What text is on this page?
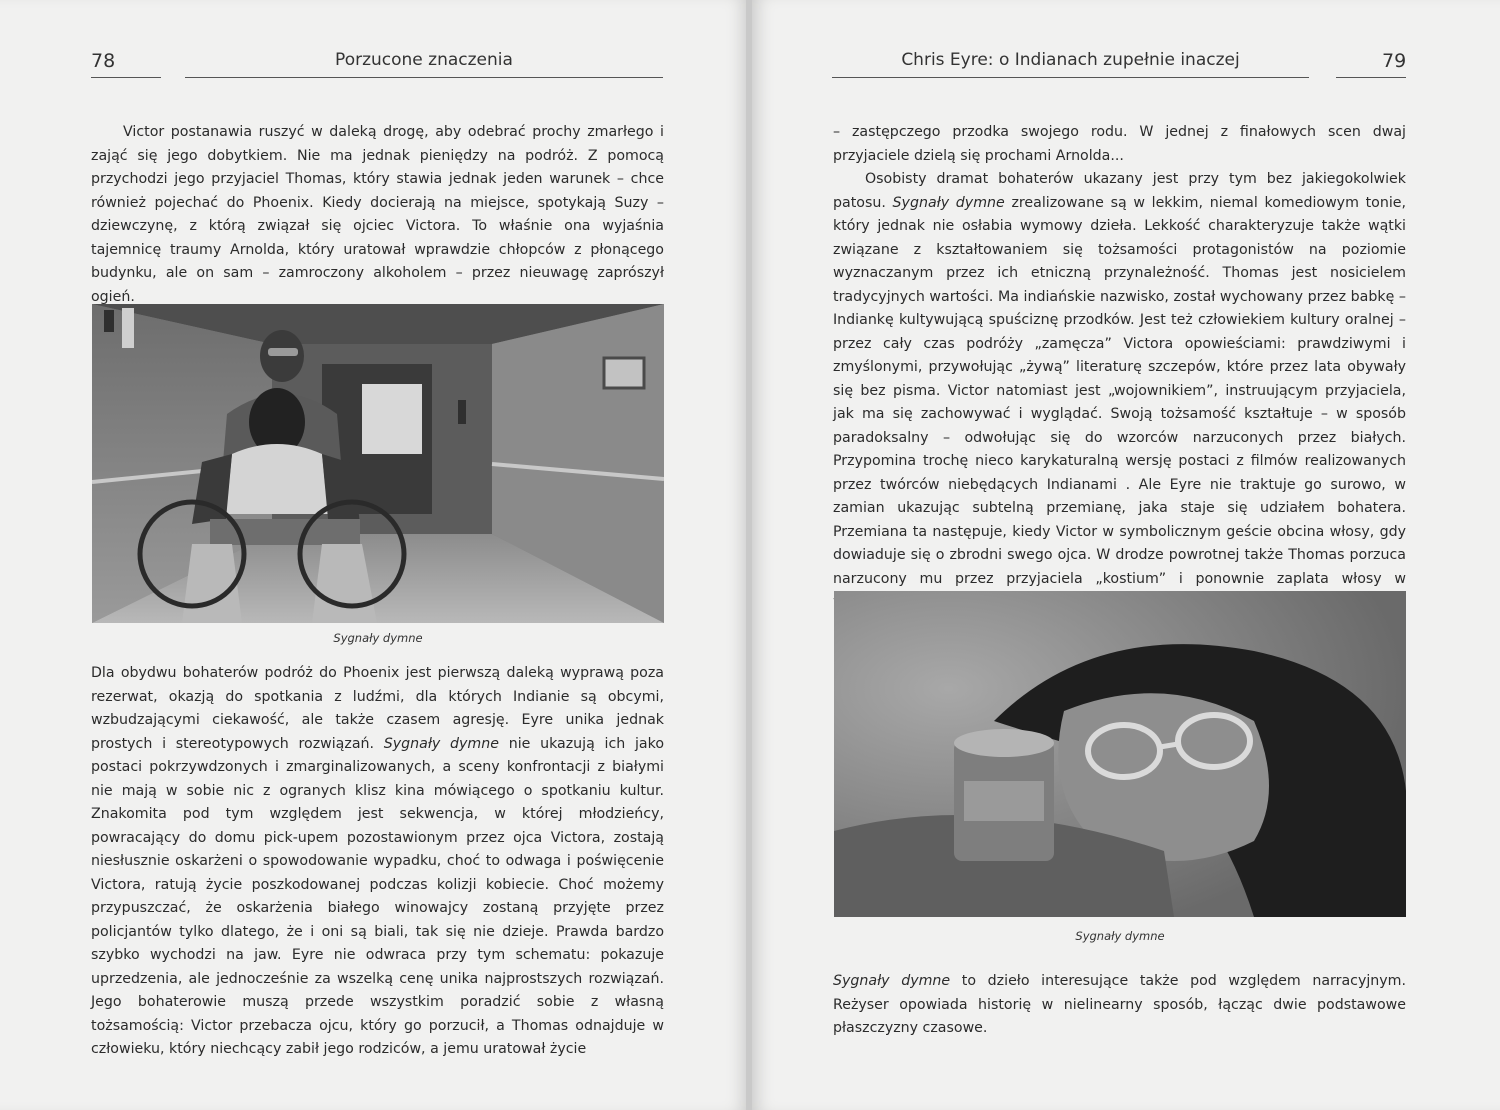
78	Porzucone znaczenia

Victor postanawia ruszyć w daleką drogę, aby odebrać prochy zmarłego i zająć się jego dobytkiem. Nie ma jednak pieniędzy na podróż. Z pomocą przychodzi jego przyjaciel Thomas, który stawia jednak jeden warunek – chce również pojechać do Phoenix. Kiedy docierają na miejsce, spotykają Suzy – dziewczynę, z którą związał się ojciec Victora. To właśnie ona wyjaśnia tajemnicę traumy Arnolda, który uratował wprawdzie chłopców z płonącego budynku, ale on sam – zamroczony alkoholem – przez nieuwagę zaprószył ogień.

Sygnały dymne

Dla obydwu bohaterów podróż do Phoenix jest pierwszą daleką wyprawą poza rezerwat, okazją do spotkania z ludźmi, dla których Indianie są obcymi, wzbudzającymi ciekawość, ale także czasem agresję. Eyre unika jednak prostych i stereotypowych rozwiązań. Sygnały dymne nie ukazują ich jako postaci pokrzywdzonych i zmarginalizowanych, a sceny konfrontacji z białymi nie mają w sobie nic z ogranych klisz kina mówiącego o spotkaniu kultur. Znakomita pod tym względem jest sekwencja, w której młodzieńcy, powracający do domu pick-upem pozostawionym przez ojca Victora, zostają niesłusznie oskarżeni o spowodowanie wypadku, choć to odwaga i poświęcenie Victora, ratują życie poszkodowanej podczas kolizji kobiecie. Choć możemy przypuszczać, że oskarżenia białego winowajcy zostaną przyjęte przez policjantów tylko dlatego, że i oni są biali, tak się nie dzieje. Prawda bardzo szybko wychodzi na jaw. Eyre nie odwraca przy tym schematu: pokazuje uprzedzenia, ale jednocześnie za wszelką cenę unika najprostszych rozwiązań. Jego bohaterowie muszą przede wszystkim poradzić sobie z własną tożsamością: Victor przebacza ojcu, który go porzucił, a Thomas odnajduje w człowieku, który niechcący zabił jego rodziców, a jemu uratował życie

Chris Eyre: o Indianach zupełnie inaczej	79

– zastępczego przodka swojego rodu. W jednej z finałowych scen dwaj przyjaciele dzielą się prochami Arnolda...

Osobisty dramat bohaterów ukazany jest przy tym bez jakiegokolwiek patosu. Sygnały dymne zrealizowane są w lekkim, niemal komediowym tonie, który jednak nie osłabia wymowy dzieła. Lekkość charakteryzuje także wątki związane z kształtowaniem się tożsamości protagonistów na poziomie wyznaczanym przez ich etniczną przynależność. Thomas jest nosicielem tradycyjnych wartości. Ma indiańskie nazwisko, został wychowany przez babkę – Indiankę kultywującą spuściznę przodków. Jest też człowiekiem kultury oralnej – przez cały czas podróży „zamęcza” Victora opowieściami: prawdziwymi i zmyślonymi, przywołując „żywą” literaturę szczepów, które przez lata obywały się bez pisma. Victor natomiast jest „wojownikiem”, instruującym przyjaciela, jak ma się zachowywać i wyglądać. Swoją tożsamość kształtuje – w sposób paradoksalny – odwołując się do wzorców narzuconych przez białych. Przypomina trochę nieco karykaturalną wersję postaci z filmów realizowanych przez twórców niebędących Indianami . Ale Eyre nie traktuje go surowo, w zamian ukazując subtelną przemianę, jaka staje się udziałem bohatera. Przemiana ta następuje, kiedy Victor w symbolicznym geście obcina włosy, gdy dowiaduje się o zbrodni swego ojca. W drodze powrotnej także Thomas porzuca narzucony mu przez przyjaciela „kostium” i ponownie zaplata włosy w

Sygnały dymne

Sygnały dymne to dzieło interesujące także pod względem narracyjnym. Reżyser opowiada historię w nielinearny sposób, łącząc dwie podstawowe płaszczyzny czasowe.
